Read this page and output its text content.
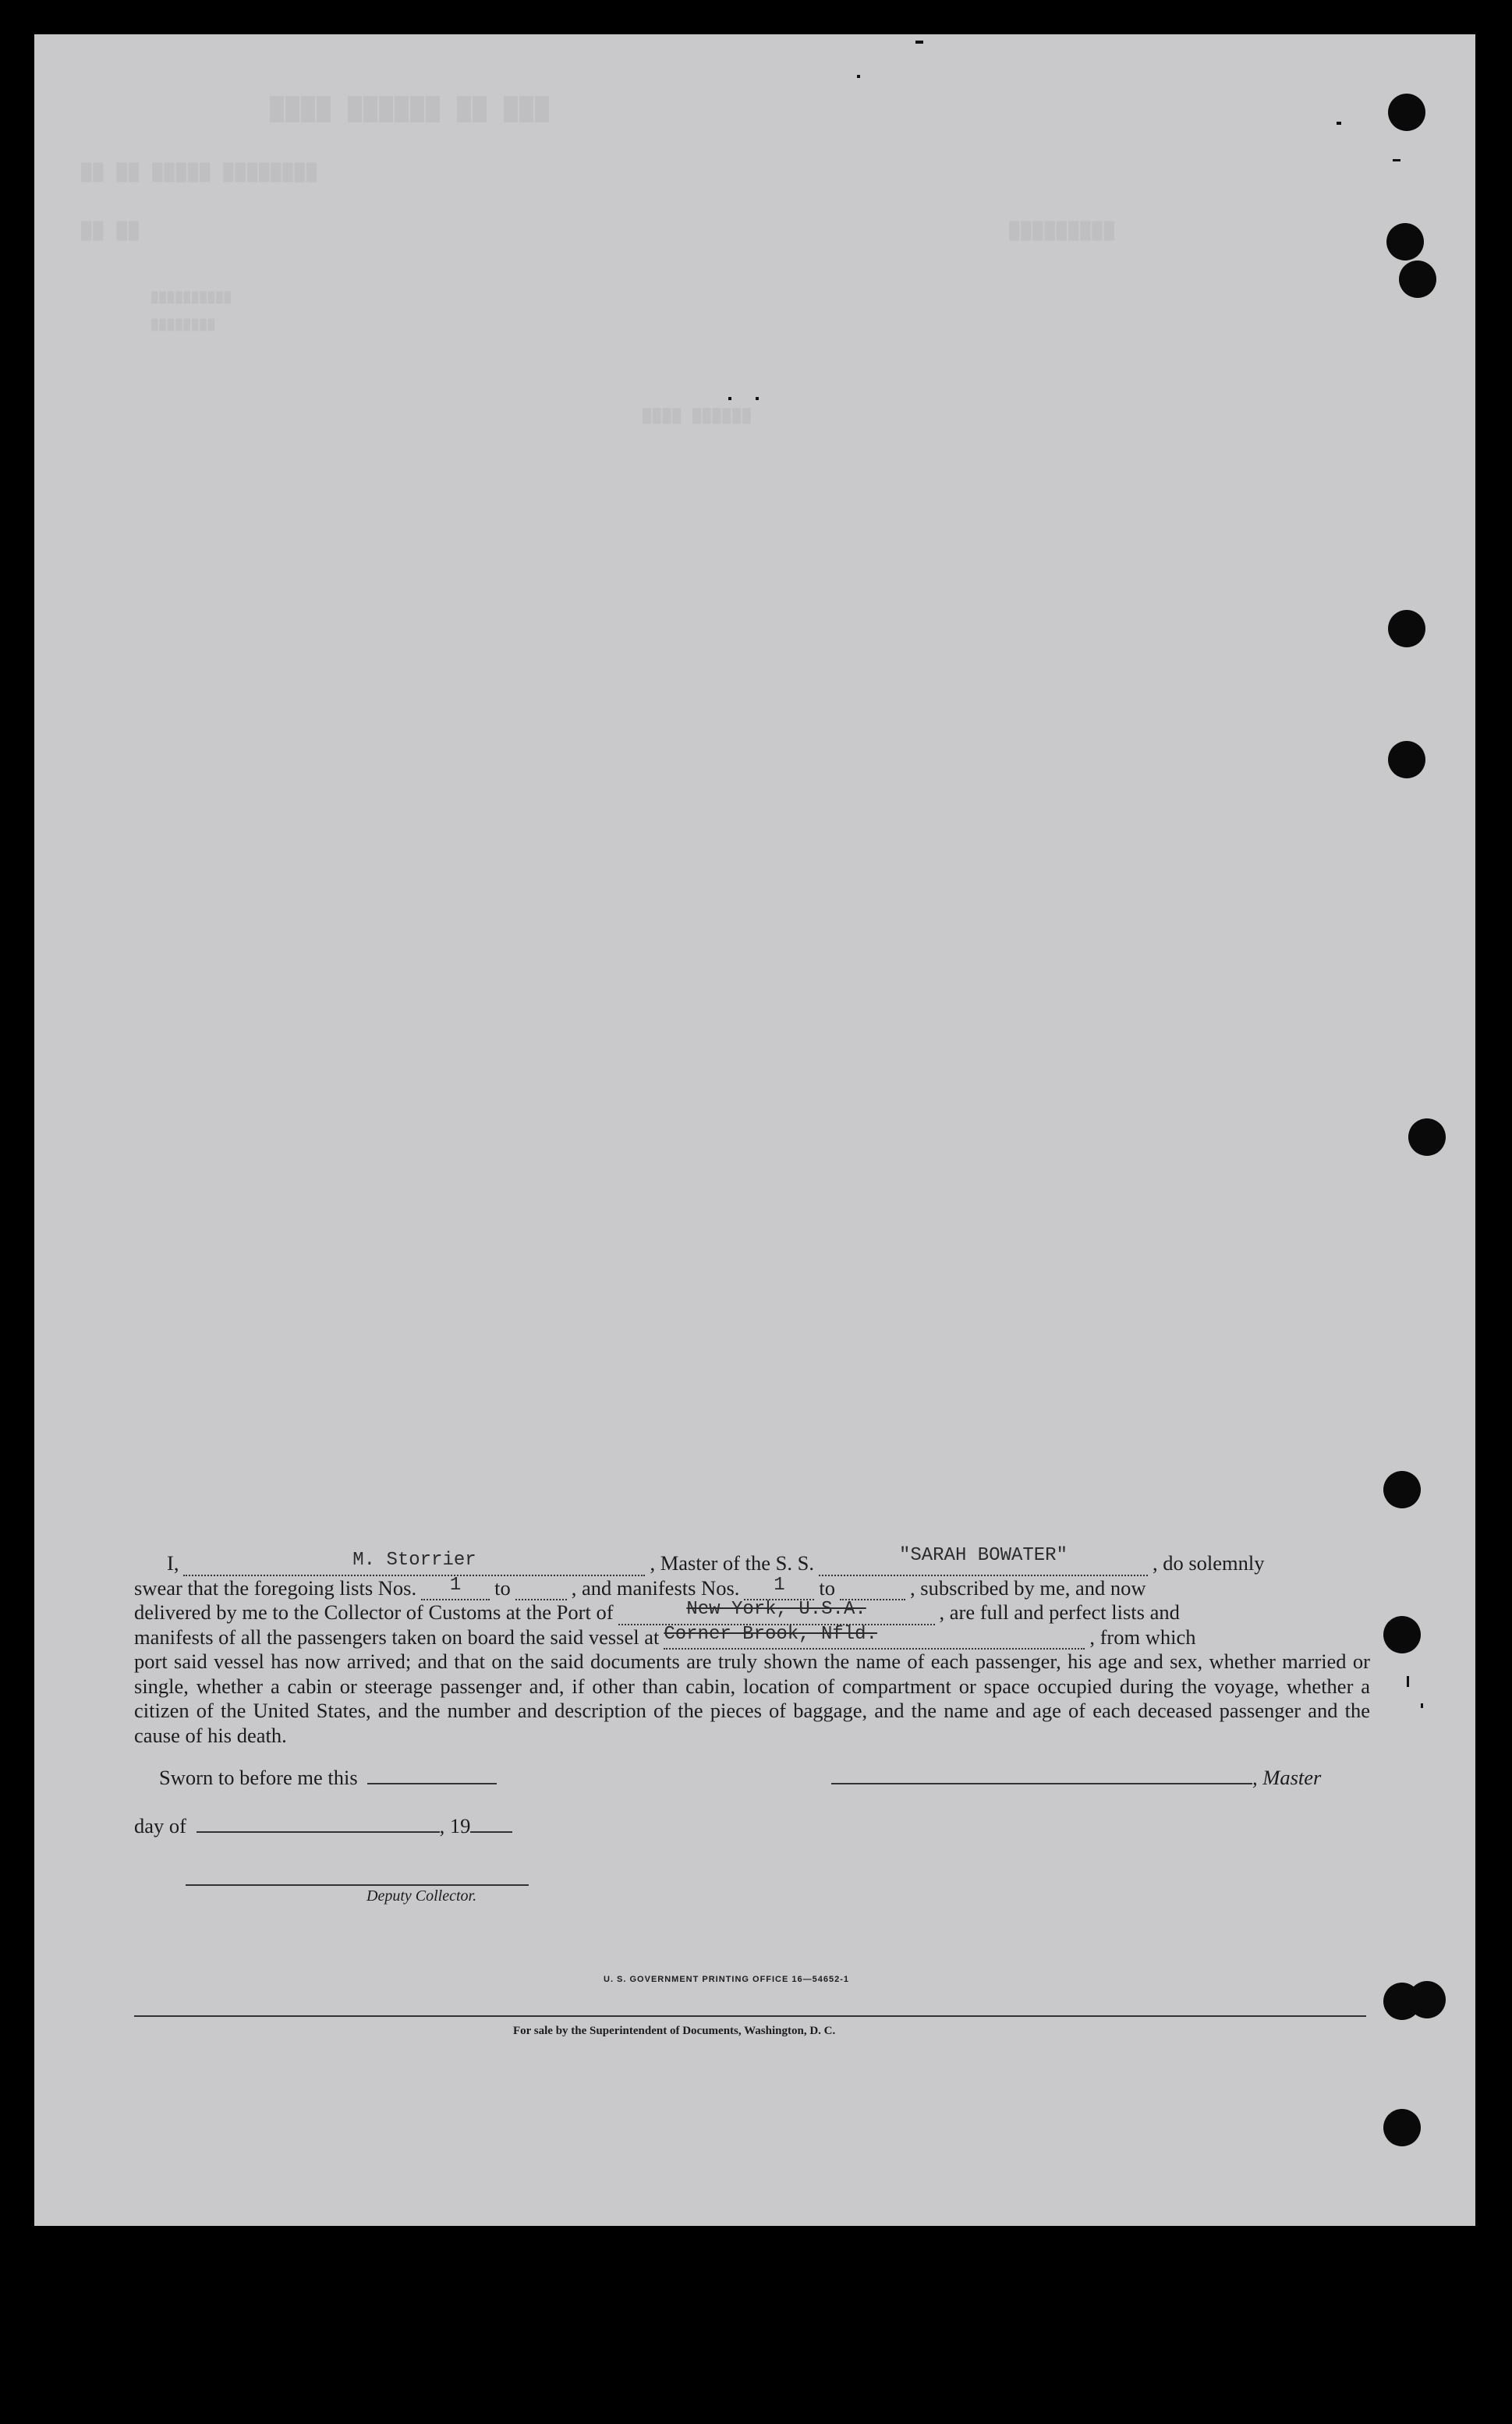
███ ██ ██████ ████
██ ██ █████ ████████
██ ██
██████████
████████
████ ██████
█████████
I,	M. Storrier	, Master of the S. S.	"SARAH BOWATER"	, do solemnly
swear that the foregoing lists Nos. 1 to	, and manifests Nos. 1 to	, subscribed by me, and now
delivered by me to the Collector of Customs at the Port of	New York, U.S.A.	, are full and perfect lists and
manifests of all the passengers taken on board the said vessel at Corner Brook, Nfld.	, from which
port said vessel has now arrived; and that on the said documents are truly shown the name of each passenger, his age and sex, whether married or single, whether a cabin or steerage passenger and, if other than cabin, location of compartment or space occupied during the voyage, whether a citizen of the United States, and the number and description of the pieces of baggage, and the name and age of each deceased passenger and the cause of his death.
Sworn to before me this	, Master
day of	, 19
Deputy Collector.
U. S. GOVERNMENT PRINTING OFFICE 16—54652-1
For sale by the Superintendent of Documents, Washington, D. C.
